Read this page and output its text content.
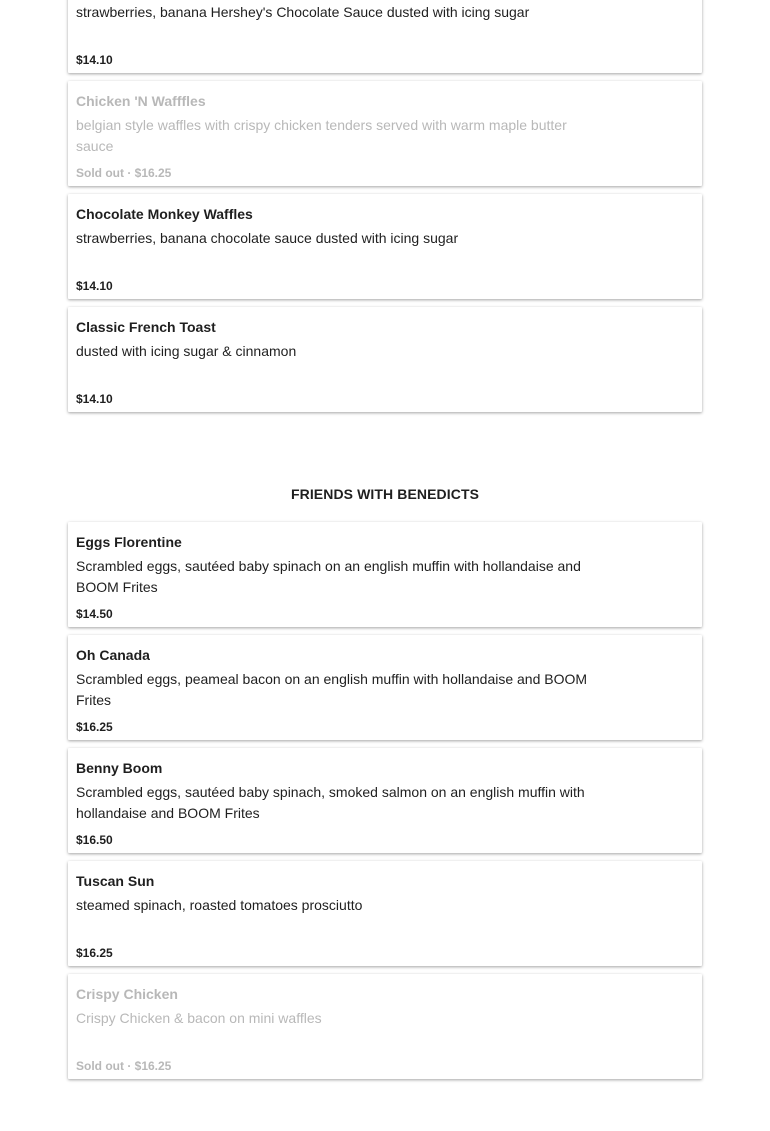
strawberries, banana Hershey's Chocolate Sauce dusted with icing sugar
$14.10
Chicken 'N Wafffles
belgian style waffles with crispy chicken tenders served with warm maple butter sauce
Sold out · $16.25
Chocolate Monkey Waffles
strawberries, banana chocolate sauce dusted with icing sugar
$14.10
Classic French Toast
dusted with icing sugar & cinnamon
$14.10
Eggs Florentine
Scrambled eggs, sautéed baby spinach on an english muffin with hollandaise and BOOM Frites
$14.50
Oh Canada
Scrambled eggs, peameal bacon on an english muffin with hollandaise and BOOM Frites
$16.25
Benny Boom
Scrambled eggs, sautéed baby spinach, smoked salmon on an english muffin with hollandaise and BOOM Frites
$16.50
Tuscan Sun
steamed spinach, roasted tomatoes prosciutto
$16.25
Crispy Chicken
Crispy Chicken & bacon on mini waffles
Sold out · $16.25
FRIENDS WITH BENEDICTS
